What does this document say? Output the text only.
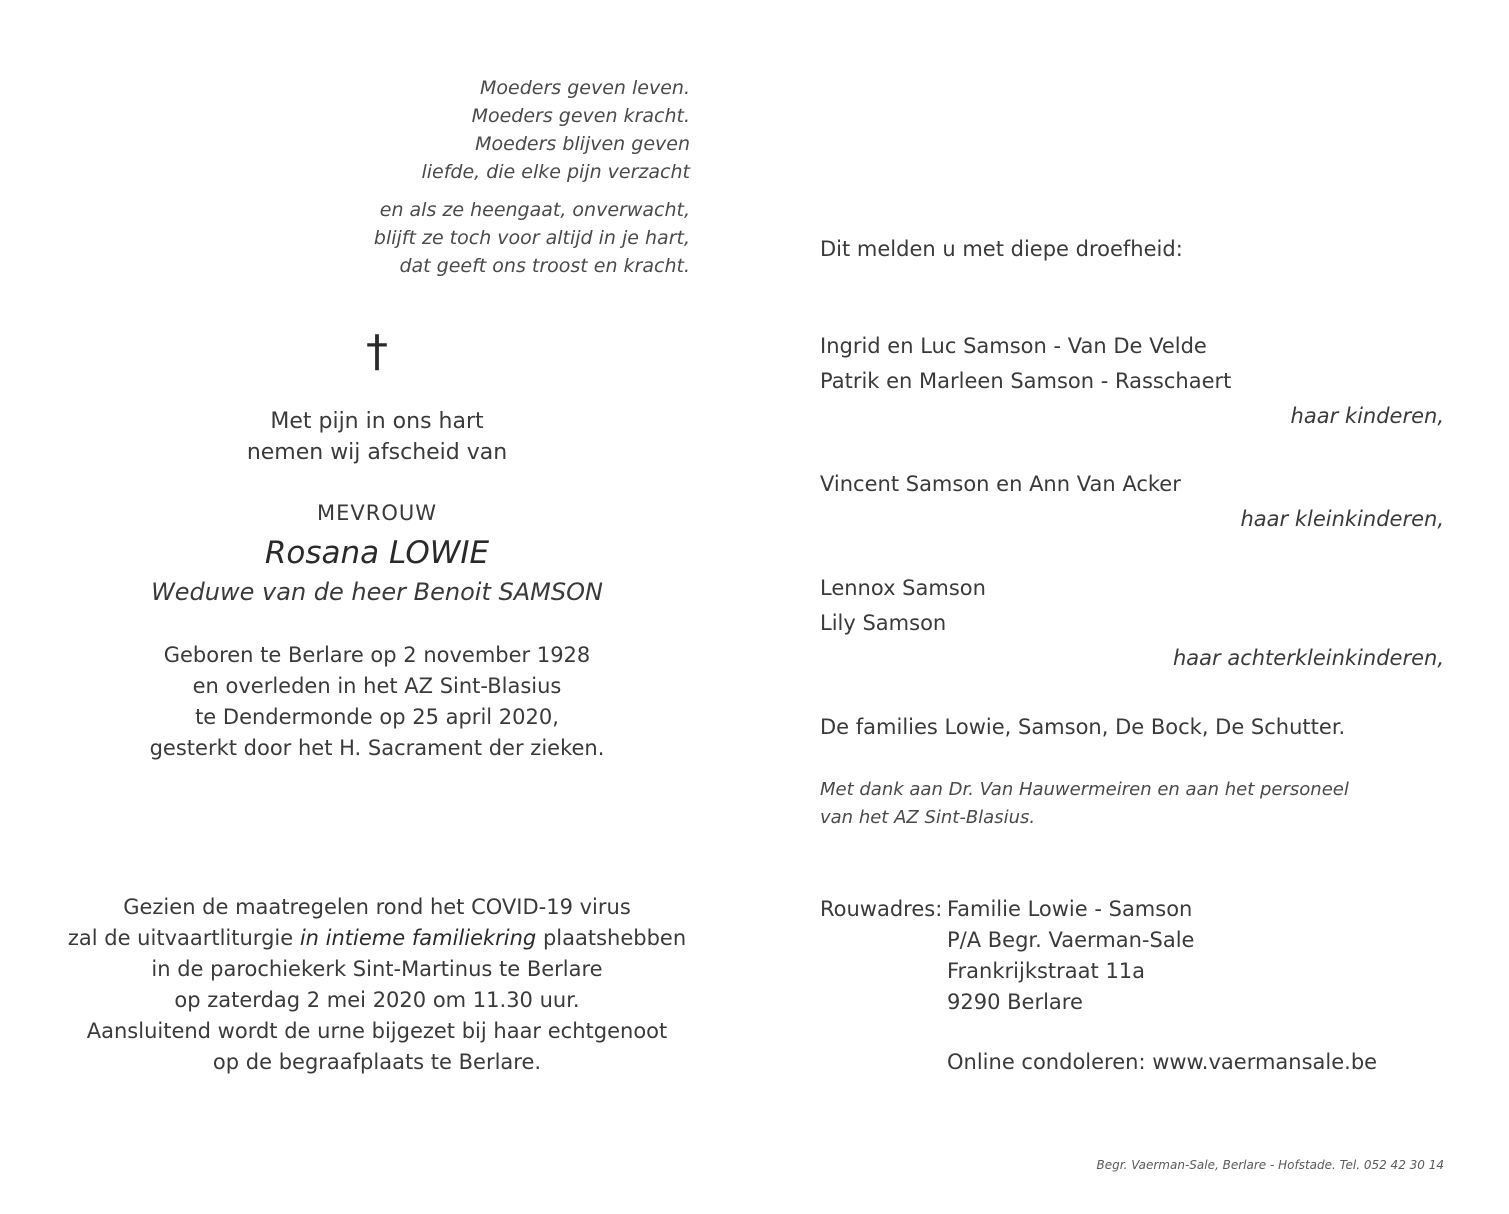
Moeders geven leven.
Moeders geven kracht.
Moeders blijven geven
liefde, die elke pijn verzacht
en als ze heengaat, onverwacht,
blijft ze toch voor altijd in je hart,
dat geeft ons troost en kracht.
†
Met pijn in ons hart
nemen wij afscheid van
MEVROUW
Rosana LOWIE
Weduwe van de heer Benoit SAMSON
Geboren te Berlare op 2 november 1928
en overleden in het AZ Sint-Blasius
te Dendermonde op 25 april 2020,
gesterkt door het H. Sacrament der zieken.
Gezien de maatregelen rond het COVID-19 virus
zal de uitvaartliturgie in intieme familiekring plaatshebben
in de parochiekerk Sint-Martinus te Berlare
op zaterdag 2 mei 2020 om 11.30 uur.
Aansluitend wordt de urne bijgezet bij haar echtgenoot
op de begraafplaats te Berlare.
Dit melden u met diepe droefheid:
Ingrid en Luc Samson - Van De Velde
Patrik en Marleen Samson - Rasschaert
haar kinderen,
Vincent Samson en Ann Van Acker
haar kleinkinderen,
Lennox Samson
Lily Samson
haar achterkleinkinderen,
De families Lowie, Samson, De Bock, De Schutter.
Met dank aan Dr. Van Hauwermeiren en aan het personeel
van het AZ Sint-Blasius.
Rouwadres: Familie Lowie - Samson
P/A Begr. Vaerman-Sale
Frankrijkstraat 11a
9290 Berlare
Online condoleren: www.vaermansale.be
Begr. Vaerman-Sale, Berlare - Hofstade. Tel. 052 42 30 14
